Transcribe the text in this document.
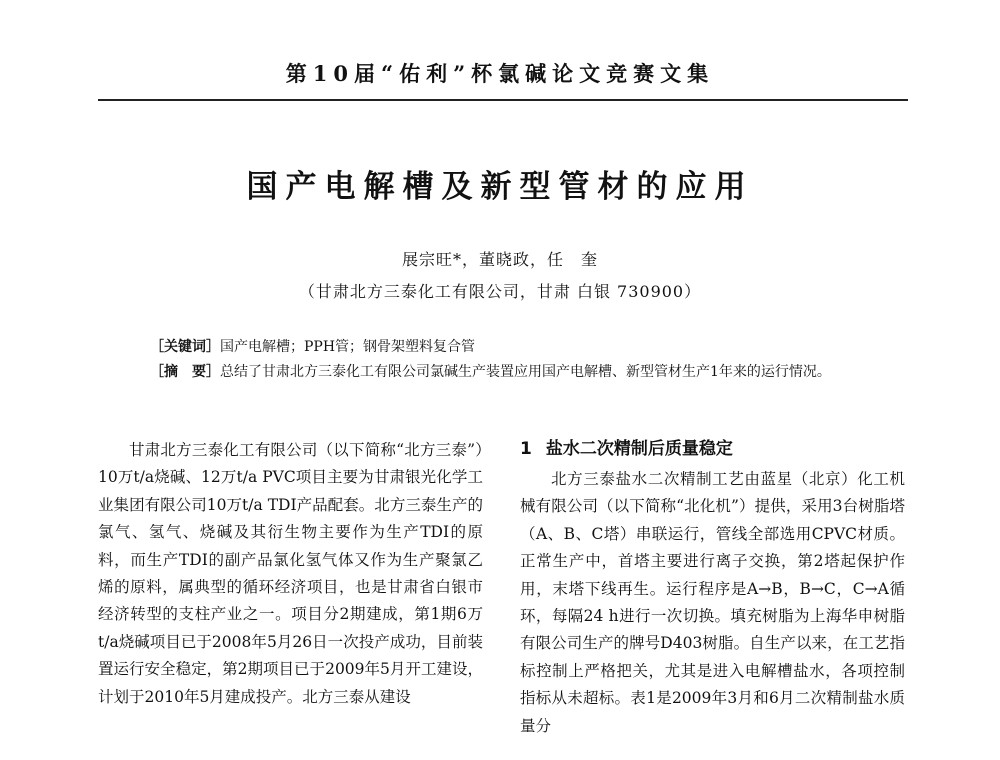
第10届“佑利”杯氯碱论文竞赛文集
国产电解槽及新型管材的应用
展宗旺*，董晓政，任　奎
（甘肃北方三泰化工有限公司，甘肃 白银 730900）
［关键词］国产电解槽；PPH管；钢骨架塑料复合管
［摘　要］总结了甘肃北方三泰化工有限公司氯碱生产装置应用国产电解槽、新型管材生产1年来的运行情况。

甘肃北方三泰化工有限公司（以下简称“北方三泰”）10万t/a烧碱、12万t/a PVC项目主要为甘肃银光化学工业集团有限公司10万t/a TDI产品配套。北方三泰生产的氯气、氢气、烧碱及其衍生物主要作为生产TDI的原料，而生产TDI的副产品氯化氢气体又作为生产聚氯乙烯的原料，属典型的循环经济项目，也是甘肃省白银市经济转型的支柱产业之一。项目分2期建成，第1期6万t/a烧碱项目已于2008年5月26日一次投产成功，目前装置运行安全稳定，第2期项目已于2009年5月开工建设，计划于2010年5月建成投产。北方三泰从建设

1 盐水二次精制后质量稳定

北方三泰盐水二次精制工艺由蓝星（北京）化工机械有限公司（以下简称“北化机”）提供，采用3台树脂塔（A、B、C塔）串联运行，管线全部选用CPVC材质。正常生产中，首塔主要进行离子交换，第2塔起保护作用，末塔下线再生。运行程序是A→B，B→C，C→A循环，每隔24 h进行一次切换。填充树脂为上海华申树脂有限公司生产的牌号D403树脂。自生产以来，在工艺指标控制上严格把关，尤其是进入电解槽盐水，各项控制指标从未超标。表1是2009年3月和6月二次精制盐水质量分
